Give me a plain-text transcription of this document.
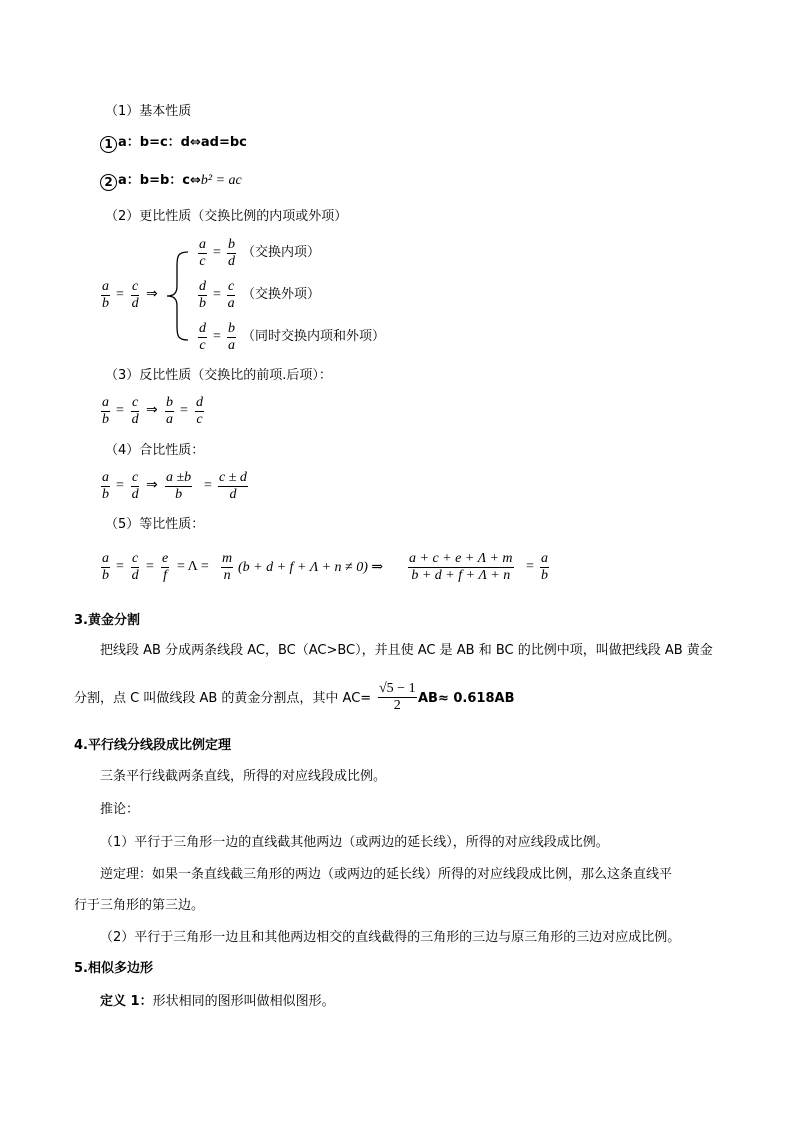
（1）基本性质
1 a：b=c：d⇔ad=bc
2 a：b=b：c⇔b² = ac
（2）更比性质（交换比例的内项或外项）
$\frac{a}{b} = \frac{c}{d}$ ⇒
$\frac{a}{c} = \frac{b}{d}$ （交换内项）
$\frac{d}{b} = \frac{c}{a}$ （交换外项）
$\frac{d}{c} = \frac{b}{a}$ （同时交换内项和外项）
（3）反比性质（交换比的前项.后项）：
$\frac{a}{b} = \frac{c}{d}$ ⇒ $\frac{b}{a} = \frac{d}{c}$
（4）合比性质：
$\frac{a}{b} = \frac{c}{d}$ ⇒ $\frac{a \pm b}{b} = \frac{c \pm d}{d}$
（5）等比性质：
$\frac{a}{b} = \frac{c}{d} = \frac{e}{f} = \Lambda = \frac{m}{n} (b + d + f + \Lambda + n \ne 0)$ ⇒ $\frac{a + c + e + \Lambda + m}{b + d + f + \Lambda + n} = \frac{a}{b}$
3.黄金分割
把线段 AB 分成两条线段 AC，BC（AC>BC），并且使 AC 是 AB 和 BC 的比例中项，叫做把线段 AB 黄金
分割，点 C 叫做线段 AB 的黄金分割点，其中 $AC= \frac{√5 - 1}{2} AB\approx 0.618AB$
4.平行线分线段成比例定理
三条平行线截两条直线，所得的对应线段成比例。
推论：
（1）平行于三角形一边的直线截其他两边（或两边的延长线），所得的对应线段成比例。
逆定理：如果一条直线截三角形的两边（或两边的延长线）所得的对应线段成比例，那么这条直线平
行于三角形的第三边。
（2）平行于三角形一边且和其他两边相交的直线截得的三角形的三边与原三角形的三边对应成比例。
5.相似多边形
定义 1：形状相同的图形叫做相似图形。
